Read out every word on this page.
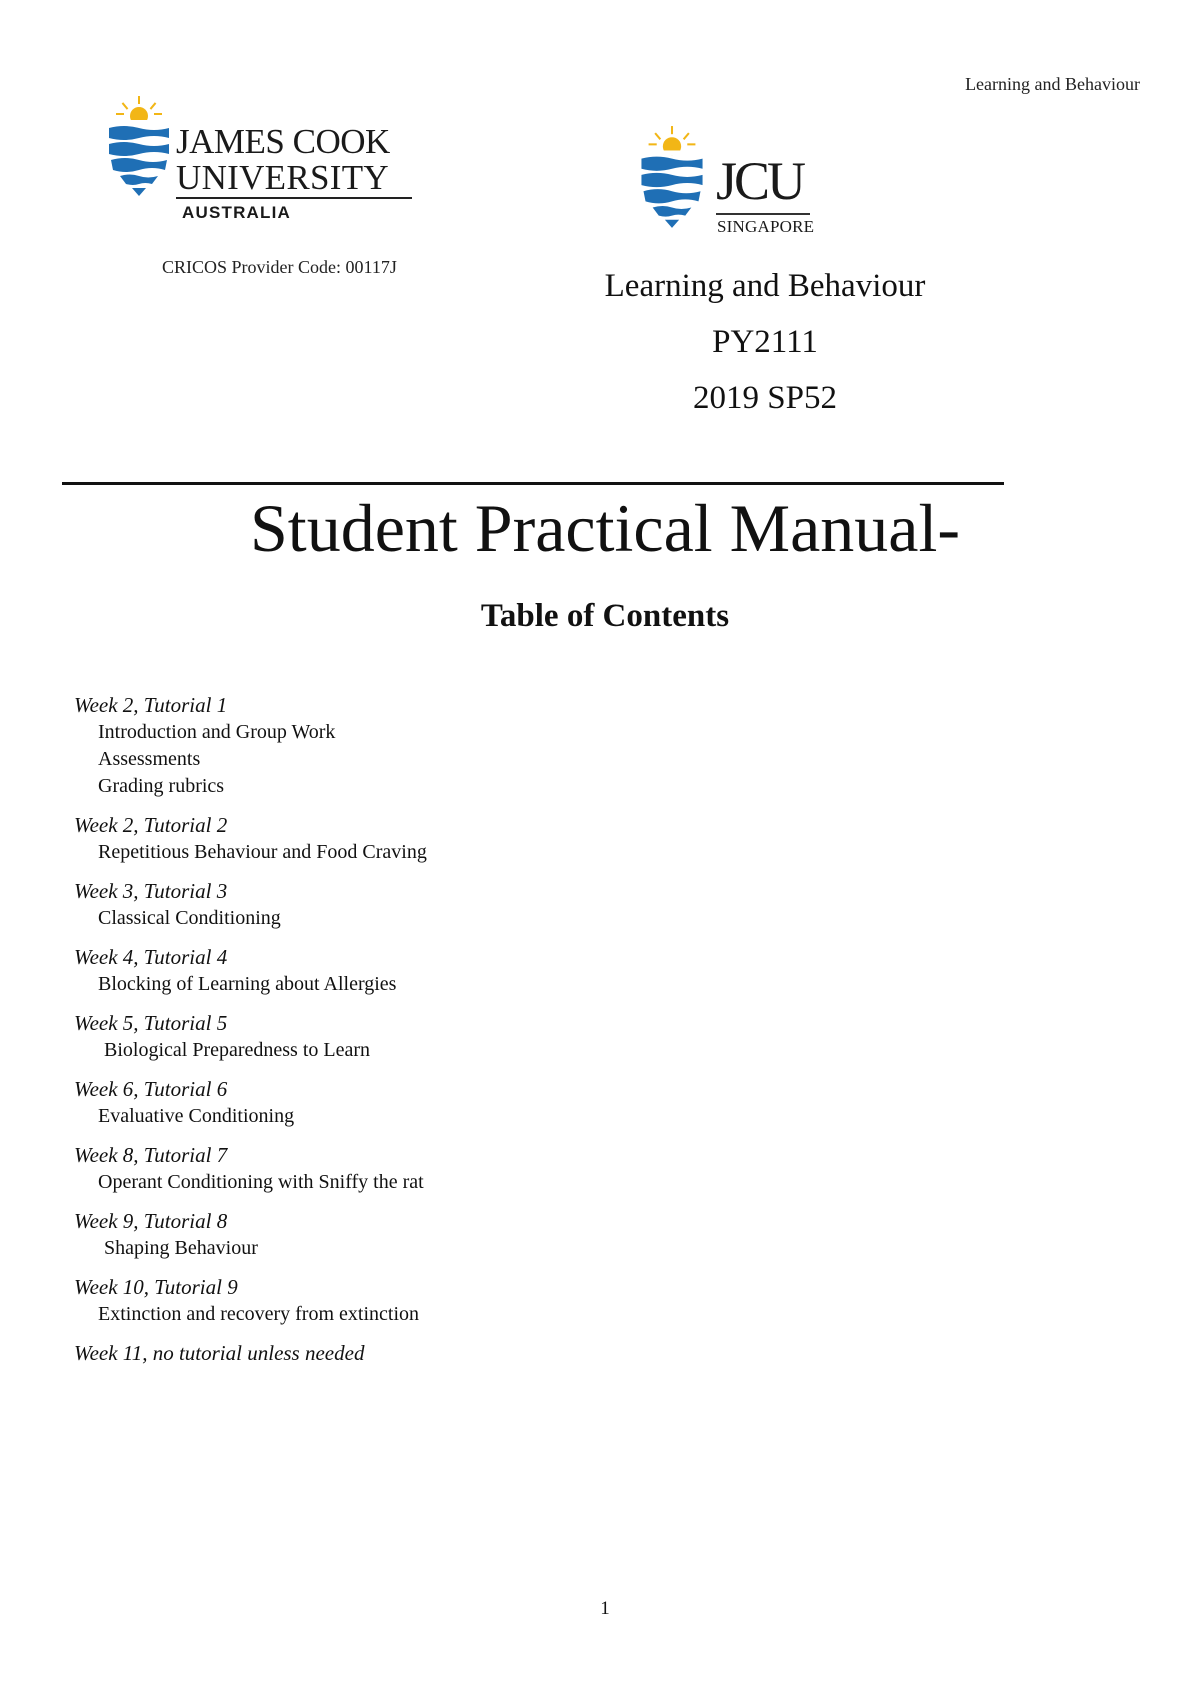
Learning and Behaviour
JAMES COOK
UNIVERSITY
AUSTRALIA
JCU
SINGAPORE
CRICOS Provider Code: 00117J
Learning and Behaviour
PY2111
2019 SP52
Student Practical Manual-
Table of Contents
Week 2, Tutorial 1
Introduction and Group Work
Assessments
Grading rubrics
Week 2, Tutorial 2
Repetitious Behaviour and Food Craving
Week 3, Tutorial 3
Classical Conditioning
Week 4, Tutorial 4
Blocking of Learning about Allergies
Week 5, Tutorial 5
Biological Preparedness to Learn
Week 6, Tutorial 6
Evaluative Conditioning
Week 8, Tutorial 7
Operant Conditioning with Sniffy the rat
Week 9, Tutorial 8
Shaping Behaviour
Week 10, Tutorial 9
Extinction and recovery from extinction
Week 11, no tutorial unless needed
1
